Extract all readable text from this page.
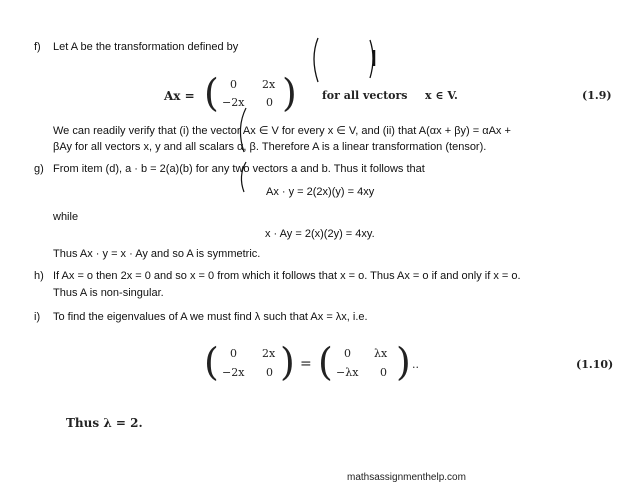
f) Let A be the transformation defined by
Ax = ( 0 2x
−2x 0 ) for all vectors x ∈ V.	(1.9)
We can readily verify that (i) the vector Ax ∈ V for every x ∈ V, and (ii) that A(αx + βy) = αAx +
βAy for all vectors x, y and all scalars α, β. Therefore A is a linear transformation (tensor).
g) From item (d), a · b = 2(a)(b) for any two vectors a and b. Thus it follows that
Ax · y = 2(2x)(y) = 4xy
while
x · Ay = 2(x)(2y) = 4xy.
Thus Ax · y = x · Ay and so A is symmetric.
h) If Ax = o then 2x = 0 and so x = 0 from which it follows that x = o. Thus Ax = o if and only if x = o.
Thus A is non-singular.
i) To find the eigenvalues of A we must find λ such that Ax = λx, i.e.
( 0 2x
−2x 0 ) = ( 0 λx
−λx 0 ) ..	(1.10)
Thus λ = 2.
mathsassignmenthelp.com
